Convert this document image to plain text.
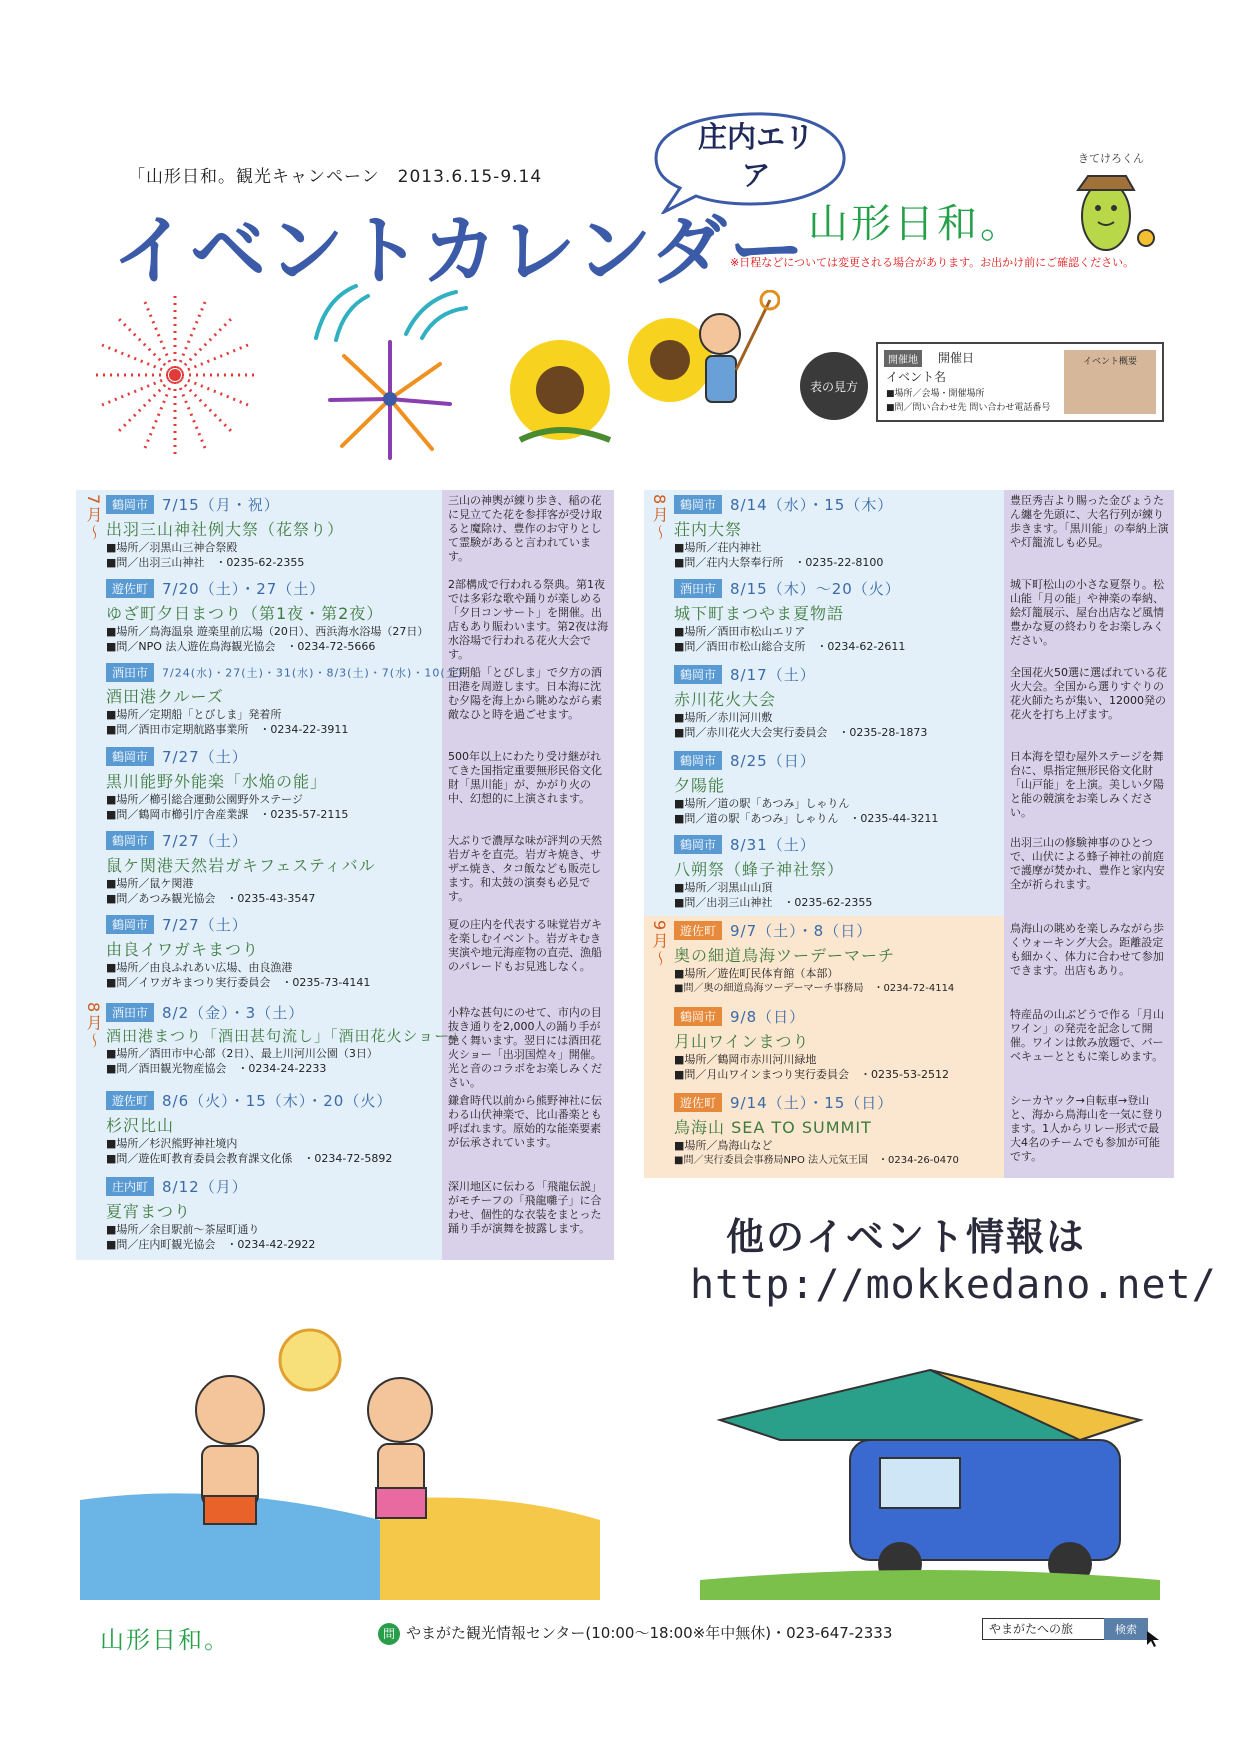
「山形日和。観光キャンペーン　2013.6.15-9.14
庄内エリア
イベントカレンダー 山形日和。
きてけろくん
※日程などについては変更される場合があります。お出かけ前にご確認ください。
表の見方
開催地	開催日
イベント名
■場所／会場・開催場所
■問／問い合わせ先 問い合わせ電話番号
イベント概要
7月～
8月～
8月～
9月～
鶴岡市 7/15（月・祝）
出羽三山神社例大祭（花祭り）
■場所／羽黒山三神合祭殿
■問／出羽三山神社　・0235-62-2355
三山の神輿が練り歩き、稲の花に見立てた花を参拝客が受け取ると魔除け、豊作のお守りとして霊験があると言われています。
遊佐町 7/20（土）・27（土）
ゆざ町夕日まつり（第1夜・第2夜）
■場所／鳥海温泉 遊楽里前広場（20日）、西浜海水浴場（27日）
■問／NPO 法人遊佐鳥海観光協会　・0234-72-5666
2部構成で行われる祭典。第1夜では多彩な歌や踊りが楽しめる「夕日コンサート」を開催。出店もあり賑わいます。第2夜は海水浴場で行われる花火大会です。
酒田市 7/24(水)・27(土)・31(水)・8/3(土)・7(水)・10(土)
酒田港クルーズ
■場所／定期船「とびしま」発着所
■問／酒田市定期航路事業所　・0234-22-3911
定期船「とびしま」で夕方の酒田港を周遊します。日本海に沈む夕陽を海上から眺めながら素敵なひと時を過ごせます。
鶴岡市 7/27（土）
黒川能野外能楽「水焔の能」
■場所／櫛引総合運動公園野外ステージ
■問／鶴岡市櫛引庁舎産業課　・0235-57-2115
500年以上にわたり受け継がれてきた国指定重要無形民俗文化財「黒川能」が、かがり火の中、幻想的に上演されます。
鶴岡市 7/27（土）
鼠ケ関港天然岩ガキフェスティバル
■場所／鼠ケ関港
■問／あつみ観光協会　・0235-43-3547
大ぶりで濃厚な味が評判の天然岩ガキを直売。岩ガキ焼き、サザエ焼き、タコ飯なども販売します。和太鼓の演奏も必見です。
鶴岡市 7/27（土）
由良イワガキまつり
■場所／由良ふれあい広場、由良漁港
■問／イワガキまつり実行委員会　・0235-73-4141
夏の庄内を代表する味覚岩ガキを楽しむイベント。岩ガキむき実演や地元海産物の直売、漁船のパレードもお見逃しなく。
酒田市 8/2（金）・3（土）
酒田港まつり「酒田甚句流し」「酒田花火ショー」
■場所／酒田市中心部（2日）、最上川河川公園（3日）
■問／酒田観光物産協会　・0234-24-2233
小粋な甚句にのせて、市内の目抜き通りを2,000人の踊り手が艶く舞います。翌日には酒田花火ショー「出羽国煌々」開催。光と音のコラボをお楽しみください。
遊佐町 8/6（火）・15（木）・20（火）
杉沢比山
■場所／杉沢熊野神社境内
■問／遊佐町教育委員会教育課文化係　・0234-72-5892
鎌倉時代以前から熊野神社に伝わる山伏神楽で、比山番楽とも呼ばれます。原始的な能楽要素が伝承されています。
庄内町 8/12（月）
夏宵まつり
■場所／余目駅前～茶屋町通り
■問／庄内町観光協会　・0234-42-2922
深川地区に伝わる「飛龍伝説」がモチーフの「飛龍囃子」に合わせ、個性的な衣装をまとった踊り手が演舞を披露します。
鶴岡市 8/14（水）・15（木）
荘内大祭
■場所／荘内神社
■問／荘内大祭奉行所　・0235-22-8100
豊臣秀吉より賜った金びょうたん纏を先頭に、大名行列が練り歩きます。「黒川能」の奉納上演や灯籠流しも必見。
酒田市 8/15（木）～20（火）
城下町まつやま夏物語
■場所／酒田市松山エリア
■問／酒田市松山総合支所　・0234-62-2611
城下町松山の小さな夏祭り。松山能「月の能」や神楽の奉納、絵灯籠展示、屋台出店など風情豊かな夏の終わりをお楽しみください。
鶴岡市 8/17（土）
赤川花火大会
■場所／赤川河川敷
■問／赤川花火大会実行委員会　・0235-28-1873
全国花火50選に選ばれている花火大会。全国から選りすぐりの花火師たちが集い、12000発の花火を打ち上げます。
鶴岡市 8/25（日）
夕陽能
■場所／道の駅「あつみ」しゃりん
■問／道の駅「あつみ」しゃりん　・0235-44-3211
日本海を望む屋外ステージを舞台に、県指定無形民俗文化財「山戸能」を上演。美しい夕陽と能の競演をお楽しみください。
鶴岡市 8/31（土）
八朔祭（蜂子神社祭）
■場所／羽黒山山頂
■問／出羽三山神社　・0235-62-2355
出羽三山の修験神事のひとつで、山伏による蜂子神社の前庭で護摩が焚かれ、豊作と家内安全が祈られます。
遊佐町 9/7（土）・8（日）
奥の細道鳥海ツーデーマーチ
■場所／遊佐町民体育館（本部）
■問／奥の細道鳥海ツーデーマーチ事務局　・0234-72-4114
鳥海山の眺めを楽しみながら歩くウォーキング大会。距離設定も細かく、体力に合わせて参加できます。出店もあり。
鶴岡市 9/8（日）
月山ワインまつり
■場所／鶴岡市赤川河川緑地
■問／月山ワインまつり実行委員会　・0235-53-2512
特産品の山ぶどうで作る「月山ワイン」の発売を記念して開催。ワインは飲み放題で、バーベキューとともに楽しめます。
遊佐町 9/14（土）・15（日）
鳥海山 SEA TO SUMMIT
■場所／鳥海山など
■問／実行委員会事務局NPO 法人元気王国　・0234-26-0470
シーカヤック→自転車→登山と、海から鳥海山を一気に登ります。1人からリレー形式で最大4名のチームでも参加が可能です。
他のイベント情報は
http://mokkedano.net/
山形日和。	問 やまがた観光情報センター(10:00～18:00※年中無休)・023-647-2333	やまがたへの旅	検索
